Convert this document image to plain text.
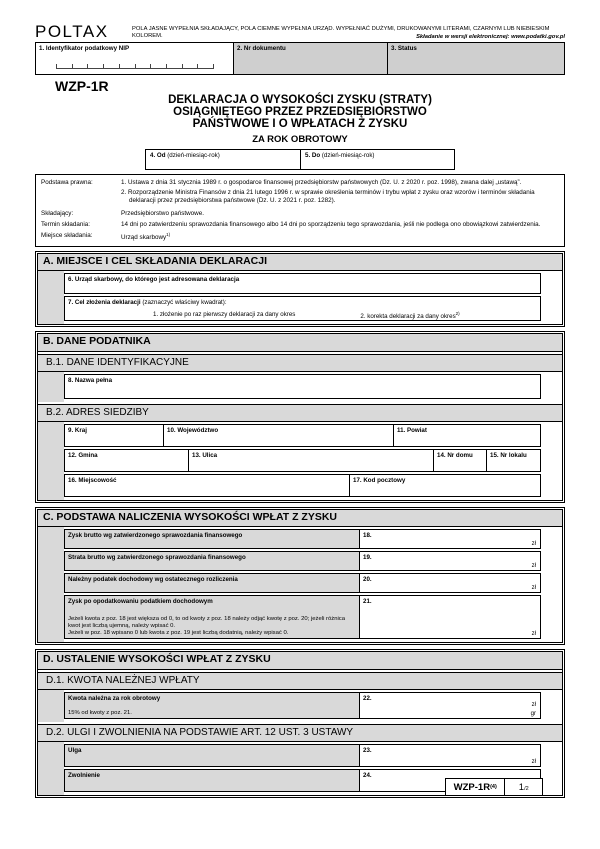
POLTAX	POLA JASNE WYPEŁNIA SKŁADAJĄCY, POLA CIEMNE WYPEŁNIA URZĄD. WYPEŁNIAĆ DUŻYMI, DRUKOWANYMI LITERAMI, CZARNYM LUB NIEBIESKIM
KOLOREM.	Składanie w wersji elektronicznej: www.podatki.gov.pl
1. Identyfikator podatkowy NIP	2. Nr dokumentu	3. Status
WZP-1R
DEKLARACJA O WYSOKOŚCI ZYSKU (STRATY)
OSIĄGNIĘTEGO PRZEZ PRZEDSIĘBIORSTWO
PAŃSTWOWE I O WPŁATACH Z ZYSKU
ZA ROK OBROTOWY
4. Od (dzień-miesiąc-rok)	5. Do (dzień-miesiąc-rok)
Podstawa prawna:	1. Ustawa z dnia 31 stycznia 1989 r. o gospodarce finansowej przedsiębiorstw państwowych (Dz. U. z 2020 r. poz. 1998), zwana dalej „ustawą”.
2. Rozporządzenie Ministra Finansów z dnia 21 lutego 1996 r. w sprawie określenia terminów i trybu wpłat z zysku oraz wzorów i terminów składania deklaracji przez przedsiębiorstwa państwowe (Dz. U. z 2021 r. poz. 1282).
Składający:	Przedsiębiorstwo państwowe.
Termin składania:	14 dni po zatwierdzeniu sprawozdania finansowego albo 14 dni po sporządzeniu tego sprawozdania, jeśli nie podlega ono obowiązkowi zatwierdzenia.
Miejsce składania:	Urząd skarbowy$^{1)}$
A. MIEJSCE I CEL SKŁADANIA DEKLARACJI
6. Urząd skarbowy, do którego jest adresowana deklaracja
7. Cel złożenia deklaracji (zaznaczyć właściwy kwadrat):
1. złożenie po raz pierwszy deklaracji za dany okres	2. korekta deklaracji za dany okres$^{2)}$
B. DANE PODATNIKA
B.1. DANE IDENTYFIKACYJNE
8. Nazwa pełna
B.2. ADRES SIEDZIBY
9. Kraj	10. Województwo	11. Powiat
12. Gmina	13. Ulica	14. Nr domu	15. Nr lokalu
16. Miejscowość	17. Kod pocztowy
C. PODSTAWA NALICZENIA WYSOKOŚCI WPŁAT Z ZYSKU
Zysk brutto wg zatwierdzonego sprawozdania finansowego	18.
zł
Strata brutto wg zatwierdzonego sprawozdania finansowego	19.
zł
Należny podatek dochodowy wg ostatecznego rozliczenia	20.
zł
Zysk po opodatkowaniu podatkiem dochodowym
Jeżeli kwota z poz. 18 jest większa od 0, to od kwoty z poz. 18 należy odjąć kwotę z poz. 20; jeżeli różnica kwot jest liczbą ujemną, należy wpisać 0.
Jeżeli w poz. 18 wpisano 0 lub kwota z poz. 19 jest liczbą dodatnią, należy wpisać 0.
21.
zł
D. USTALENIE WYSOKOŚCI WPŁAT Z ZYSKU
D.1. KWOTA NALEŻNEJ WPŁATY
Kwota należna za rok obrotowy
15% od kwoty z poz. 21.
22.
zł
gr
D.2. ULGI I ZWOLNIENIA NA PODSTAWIE ART. 12 UST. 3 USTAWY
Ulga	23.
zł
Zwolnienie	24.
WZP-1R (4) 1 /2
